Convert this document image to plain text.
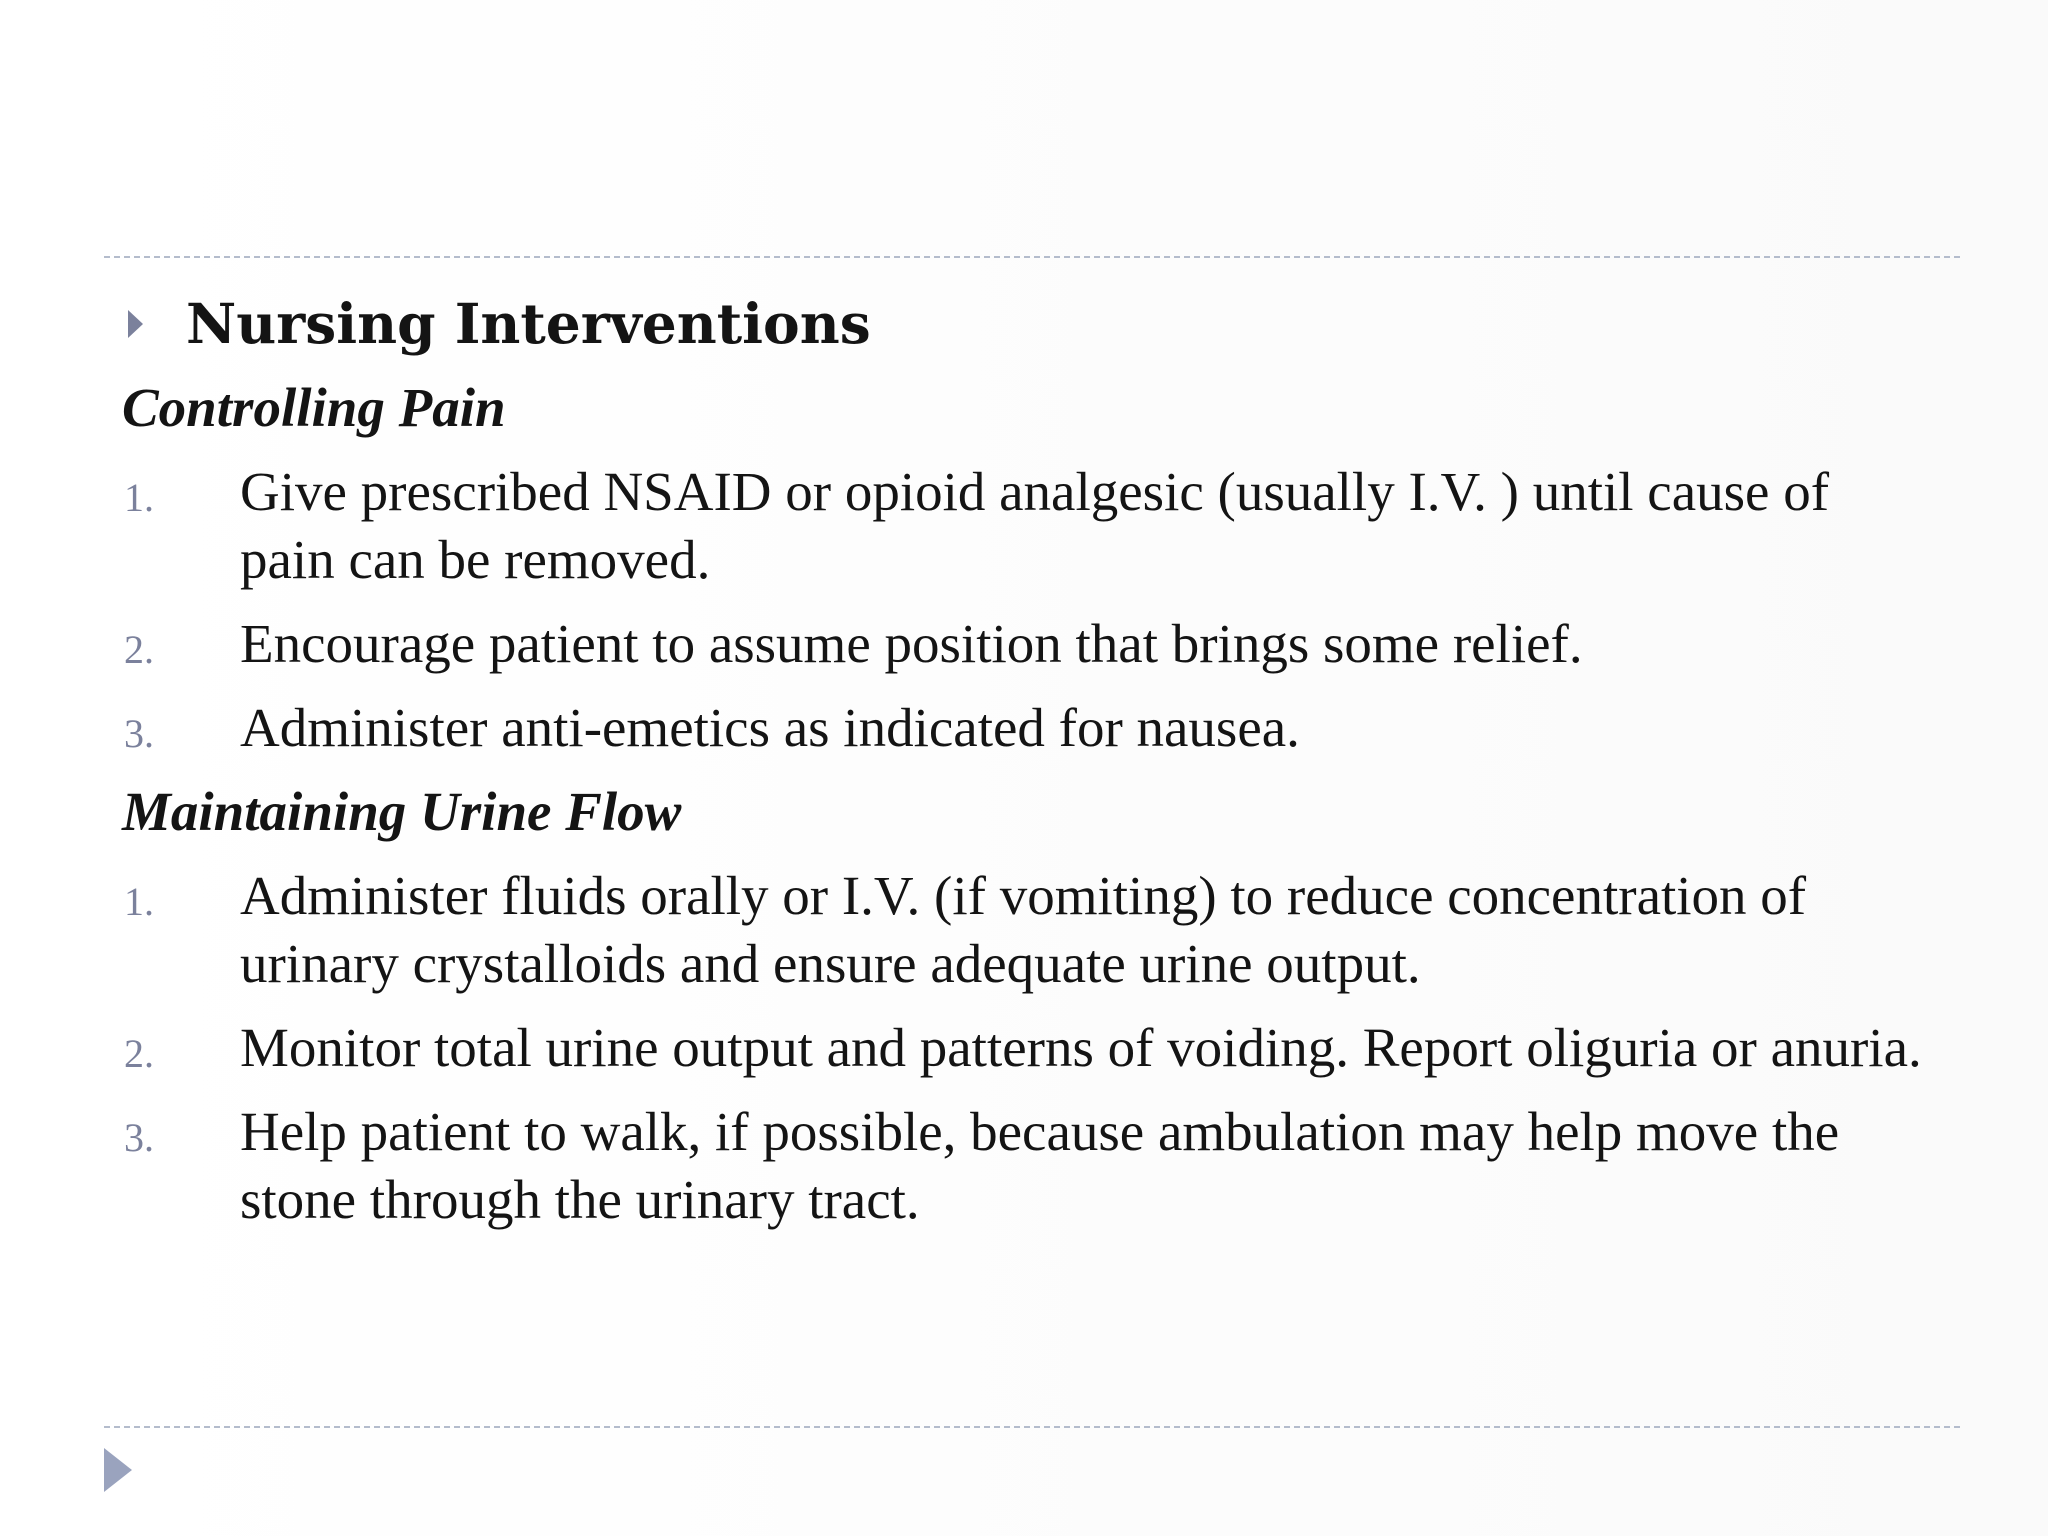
Nursing Interventions
Controlling Pain
1. Give prescribed NSAID or opioid analgesic (usually I.V. ) until cause of pain can be removed.
2. Encourage patient to assume position that brings some relief.
3. Administer anti-emetics as indicated for nausea.
Maintaining Urine Flow
1. Administer fluids orally or I.V. (if vomiting) to reduce concentration of urinary crystalloids and ensure adequate urine output.
2. Monitor total urine output and patterns of voiding. Report oliguria or anuria.
3. Help patient to walk, if possible, because ambulation may help move the stone through the urinary tract.
